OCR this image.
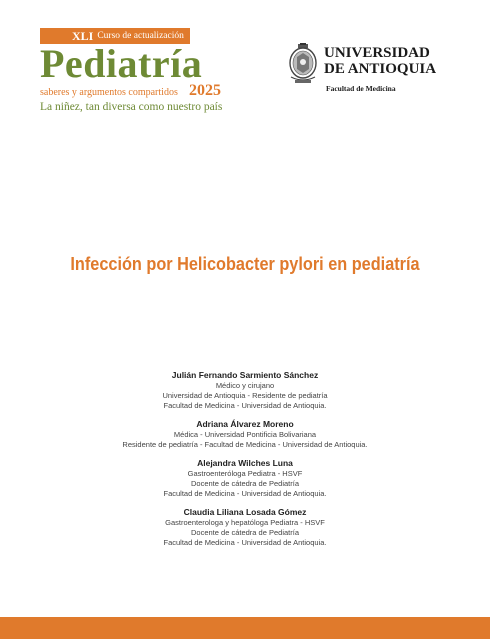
XLI Curso de actualización
Pediatría
saberes y argumentos compartidos 2025
La niñez, tan diversa como nuestro país
UNIVERSIDAD
DE ANTIOQUIA
Facultad de Medicina
Infección por Helicobacter pylori en pediatría
Julián Fernando Sarmiento Sánchez
Médico y cirujano
Universidad de Antioquia - Residente de pediatría
Facultad de Medicina - Universidad de Antioquia.
Adriana Álvarez Moreno
Médica - Universidad Pontificia Bolivariana
Residente de pediatría - Facultad de Medicina - Universidad de Antioquia.
Alejandra Wilches Luna
Gastroenteróloga Pediatra - HSVF
Docente de cátedra de Pediatría
Facultad de Medicina - Universidad de Antioquia.
Claudia Liliana Losada Gómez
Gastroenterologa y hepatóloga Pediatra - HSVF
Docente de cátedra de Pediatría
Facultad de Medicina - Universidad de Antioquia.
